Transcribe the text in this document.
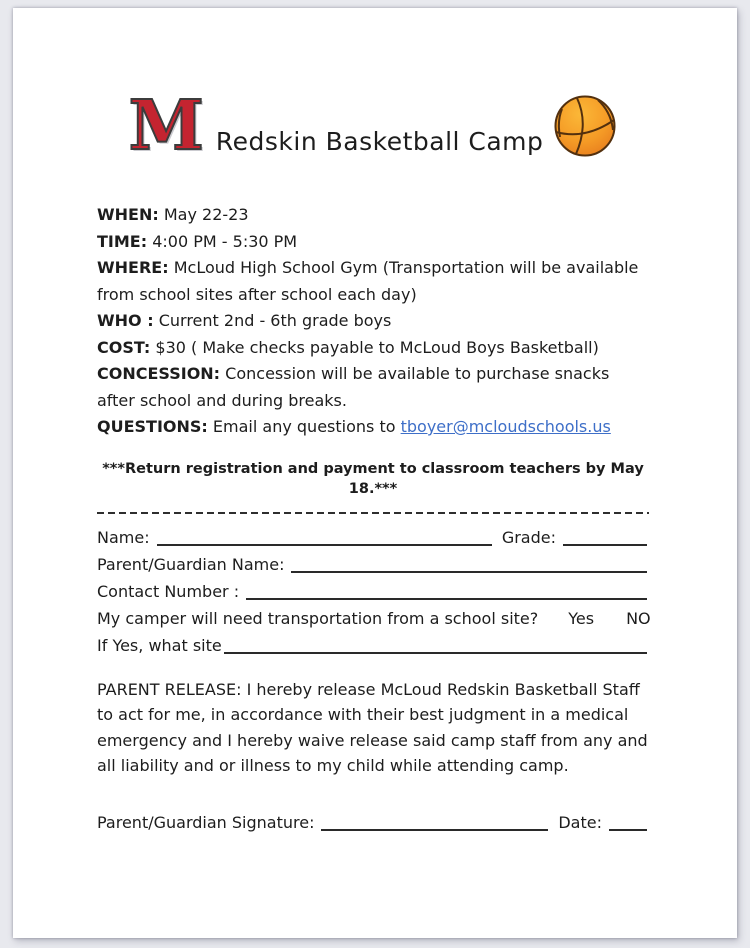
M Redskin Basketball Camp

WHEN: May 22-23

TIME: 4:00 PM - 5:30 PM

WHERE: McLoud High School Gym (Transportation will be available from school sites after school each day)

WHO : Current 2nd - 6th grade boys

COST: $30 ( Make checks payable to McLoud Boys Basketball)

CONCESSION: Concession will be available to purchase snacks after school and during breaks.

QUESTIONS: Email any questions to tboyer@mcloudschools.us

***Return registration and payment to classroom teachers by May 18.***
Name:	Grade:
Parent/Guardian Name:
Contact Number :
My camper will need transportation from a school site? Yes NO
If Yes, what site

PARENT RELEASE: I hereby release McLoud Redskin Basketball Staff to act for me, in accordance with their best judgment in a medical emergency and I hereby waive release said camp staff from any and all liability and or illness to my child while attending camp.

Parent/Guardian Signature:	Date:
